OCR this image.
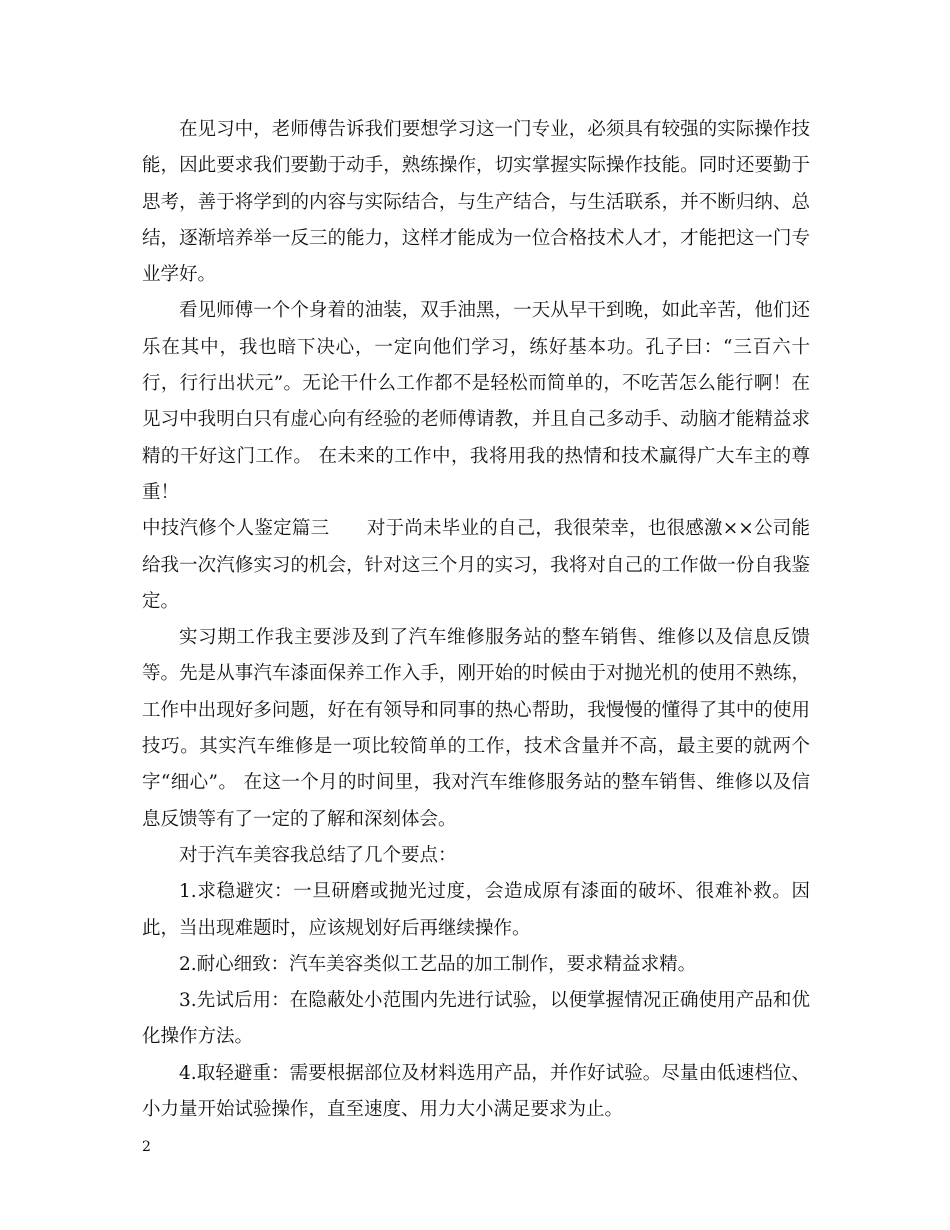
在见习中，老师傅告诉我们要想学习这一门专业，必须具有较强的实际操作技能，因此要求我们要勤于动手，熟练操作，切实掌握实际操作技能。同时还要勤于思考，善于将学到的内容与实际结合，与生产结合，与生活联系，并不断归纳、总结，逐渐培养举一反三的能力，这样才能成为一位合格技术人才，才能把这一门专业学好。

看见师傅一个个身着的油装，双手油黑，一天从早干到晚，如此辛苦，他们还乐在其中，我也暗下决心，一定向他们学习，练好基本功。孔子曰：“三百六十行，行行出状元”。无论干什么工作都不是轻松而简单的，不吃苦怎么能行啊！在见习中我明白只有虚心向有经验的老师傅请教，并且自己多动手、动脑才能精益求精的干好这门工作。 在未来的工作中，我将用我的热情和技术赢得广大车主的尊重！

中技汽修个人鉴定篇三　　对于尚未毕业的自己，我很荣幸，也很感激××公司能给我一次汽修实习的机会，针对这三个月的实习，我将对自己的工作做一份自我鉴定。

实习期工作我主要涉及到了汽车维修服务站的整车销售、维修以及信息反馈等。先是从事汽车漆面保养工作入手，刚开始的时候由于对抛光机的使用不熟练，工作中出现好多问题，好在有领导和同事的热心帮助，我慢慢的懂得了其中的使用技巧。其实汽车维修是一项比较简单的工作，技术含量并不高，最主要的就两个字“细心”。 在这一个月的时间里，我对汽车维修服务站的整车销售、维修以及信息反馈等有了一定的了解和深刻体会。

对于汽车美容我总结了几个要点：

1.求稳避灾：一旦研磨或抛光过度，会造成原有漆面的破坏、很难补救。因此，当出现难题时，应该规划好后再继续操作。

2.耐心细致：汽车美容类似工艺品的加工制作，要求精益求精。

3.先试后用：在隐蔽处小范围内先进行试验，以便掌握情况正确使用产品和优化操作方法。

4.取轻避重：需要根据部位及材料选用产品，并作好试验。尽量由低速档位、小力量开始试验操作，直至速度、用力大小满足要求为止。

2
